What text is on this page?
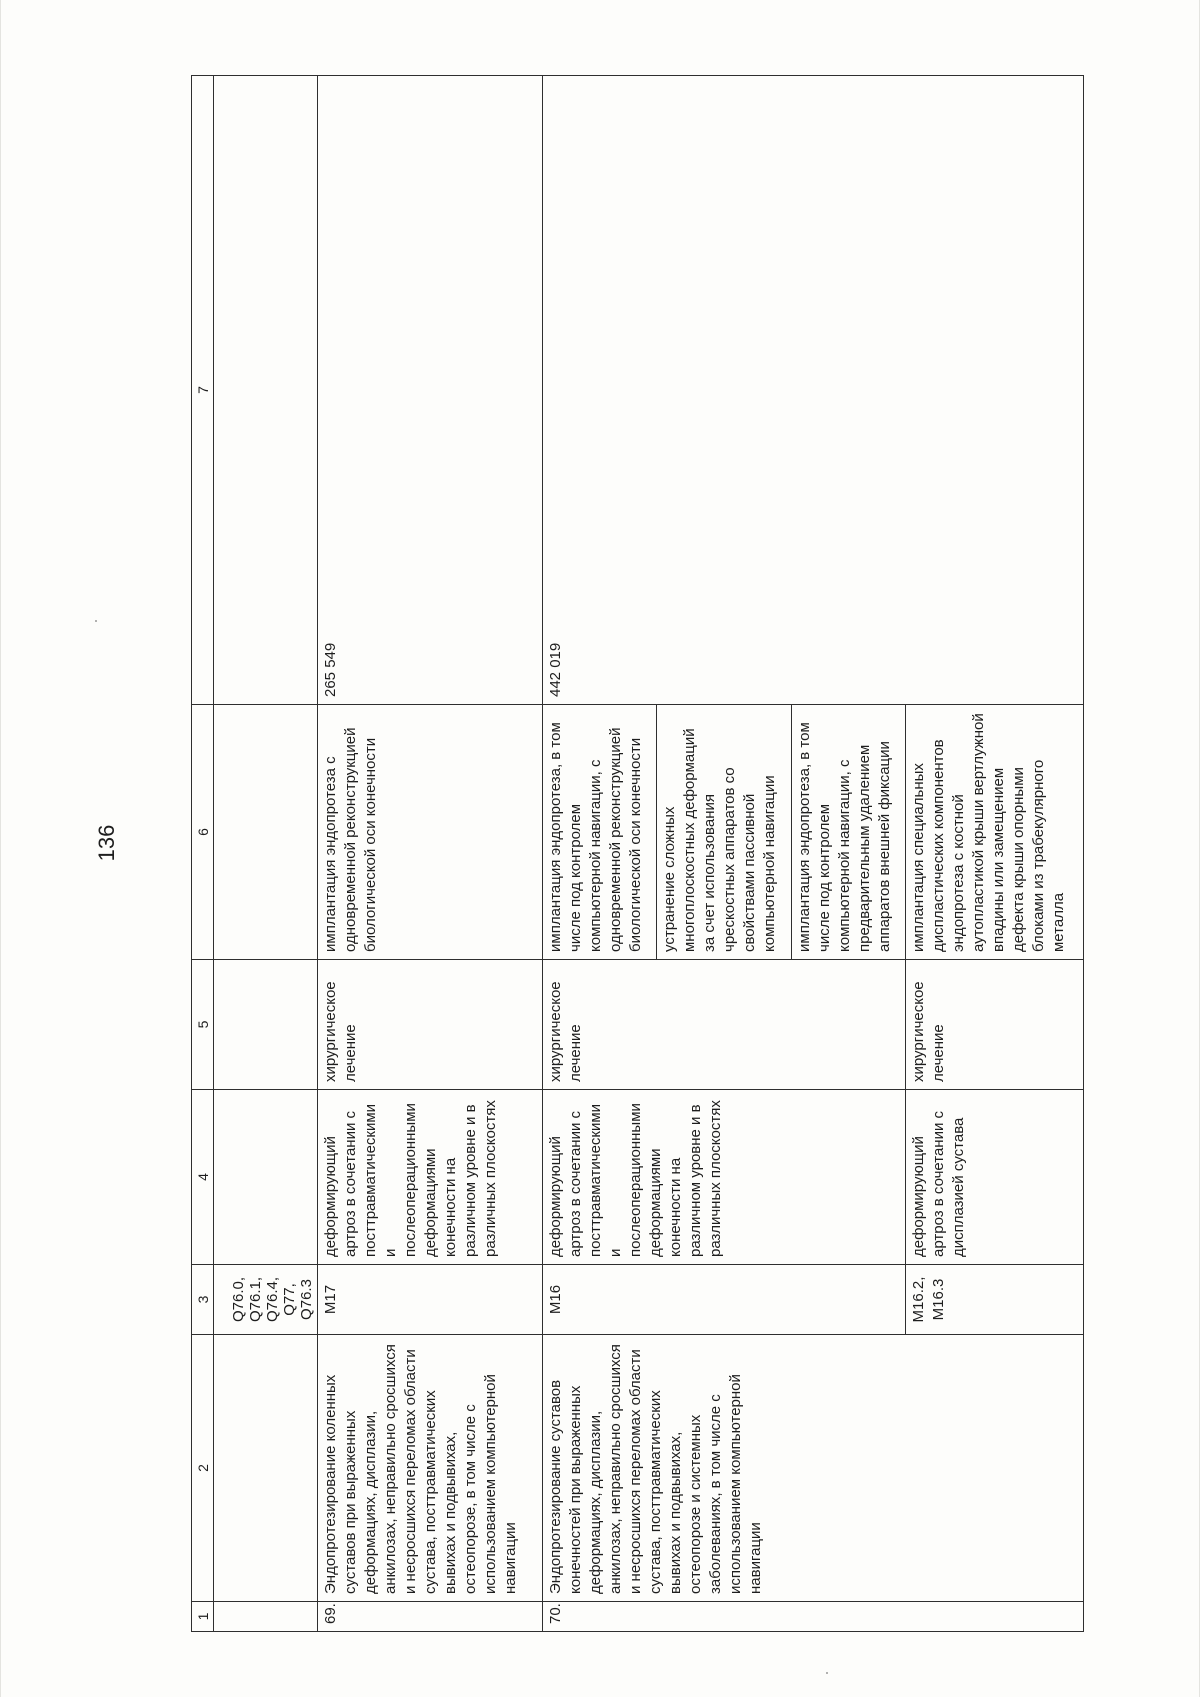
136
1	2	3	4	5	6	7
		Q76.0,
Q76.1,
Q76.4,
Q77,
Q76.3				
69.	Эндопротезирование коленных суставов при выраженных деформациях, дисплазии, анкилозах, неправильно сросшихся и несросшихся переломах области сустава, посттравматических вывихах и подвывихах, остеопорозе, в том числе с использованием компьютерной навигации	M17	деформирующий артроз в сочетании с посттравматическими и послеоперационными деформациями конечности на различном уровне и в различных плоскостях	хирургическое лечение	имплантация эндопротеза с одновременной реконструкцией биологической оси конечности	265 549
70.	Эндопротезирование суставов конечностей при выраженных деформациях, дисплазии, анкилозах, неправильно сросшихся и несросшихся переломах области сустава, посттравматических вывихах и подвывихах, остеопорозе и системных заболеваниях, в том числе с использованием компьютерной навигации	M16	деформирующий артроз в сочетании с посттравматическими и послеоперационными деформациями конечности на различном уровне и в различных плоскостях	хирургическое лечение	имплантация эндопротеза, в том числе под контролем компьютерной навигации, с одновременной реконструкцией биологической оси конечности	442 019
					устранение сложных многоплоскостных деформаций за счет использования чрескостных аппаратов со свойствами пассивной компьютерной навигации	
					имплантация эндопротеза, в том числе под контролем компьютерной навигации, с предварительным удалением аппаратов внешней фиксации	
		M16.2,
M16.3	деформирующий артроз в сочетании с дисплазией сустава	хирургическое лечение	имплантация специальных диспластических компонентов эндопротеза с костной аутопластикой крыши вертлужной впадины или замещением дефекта крыши опорными блоками из трабекулярного металла	
